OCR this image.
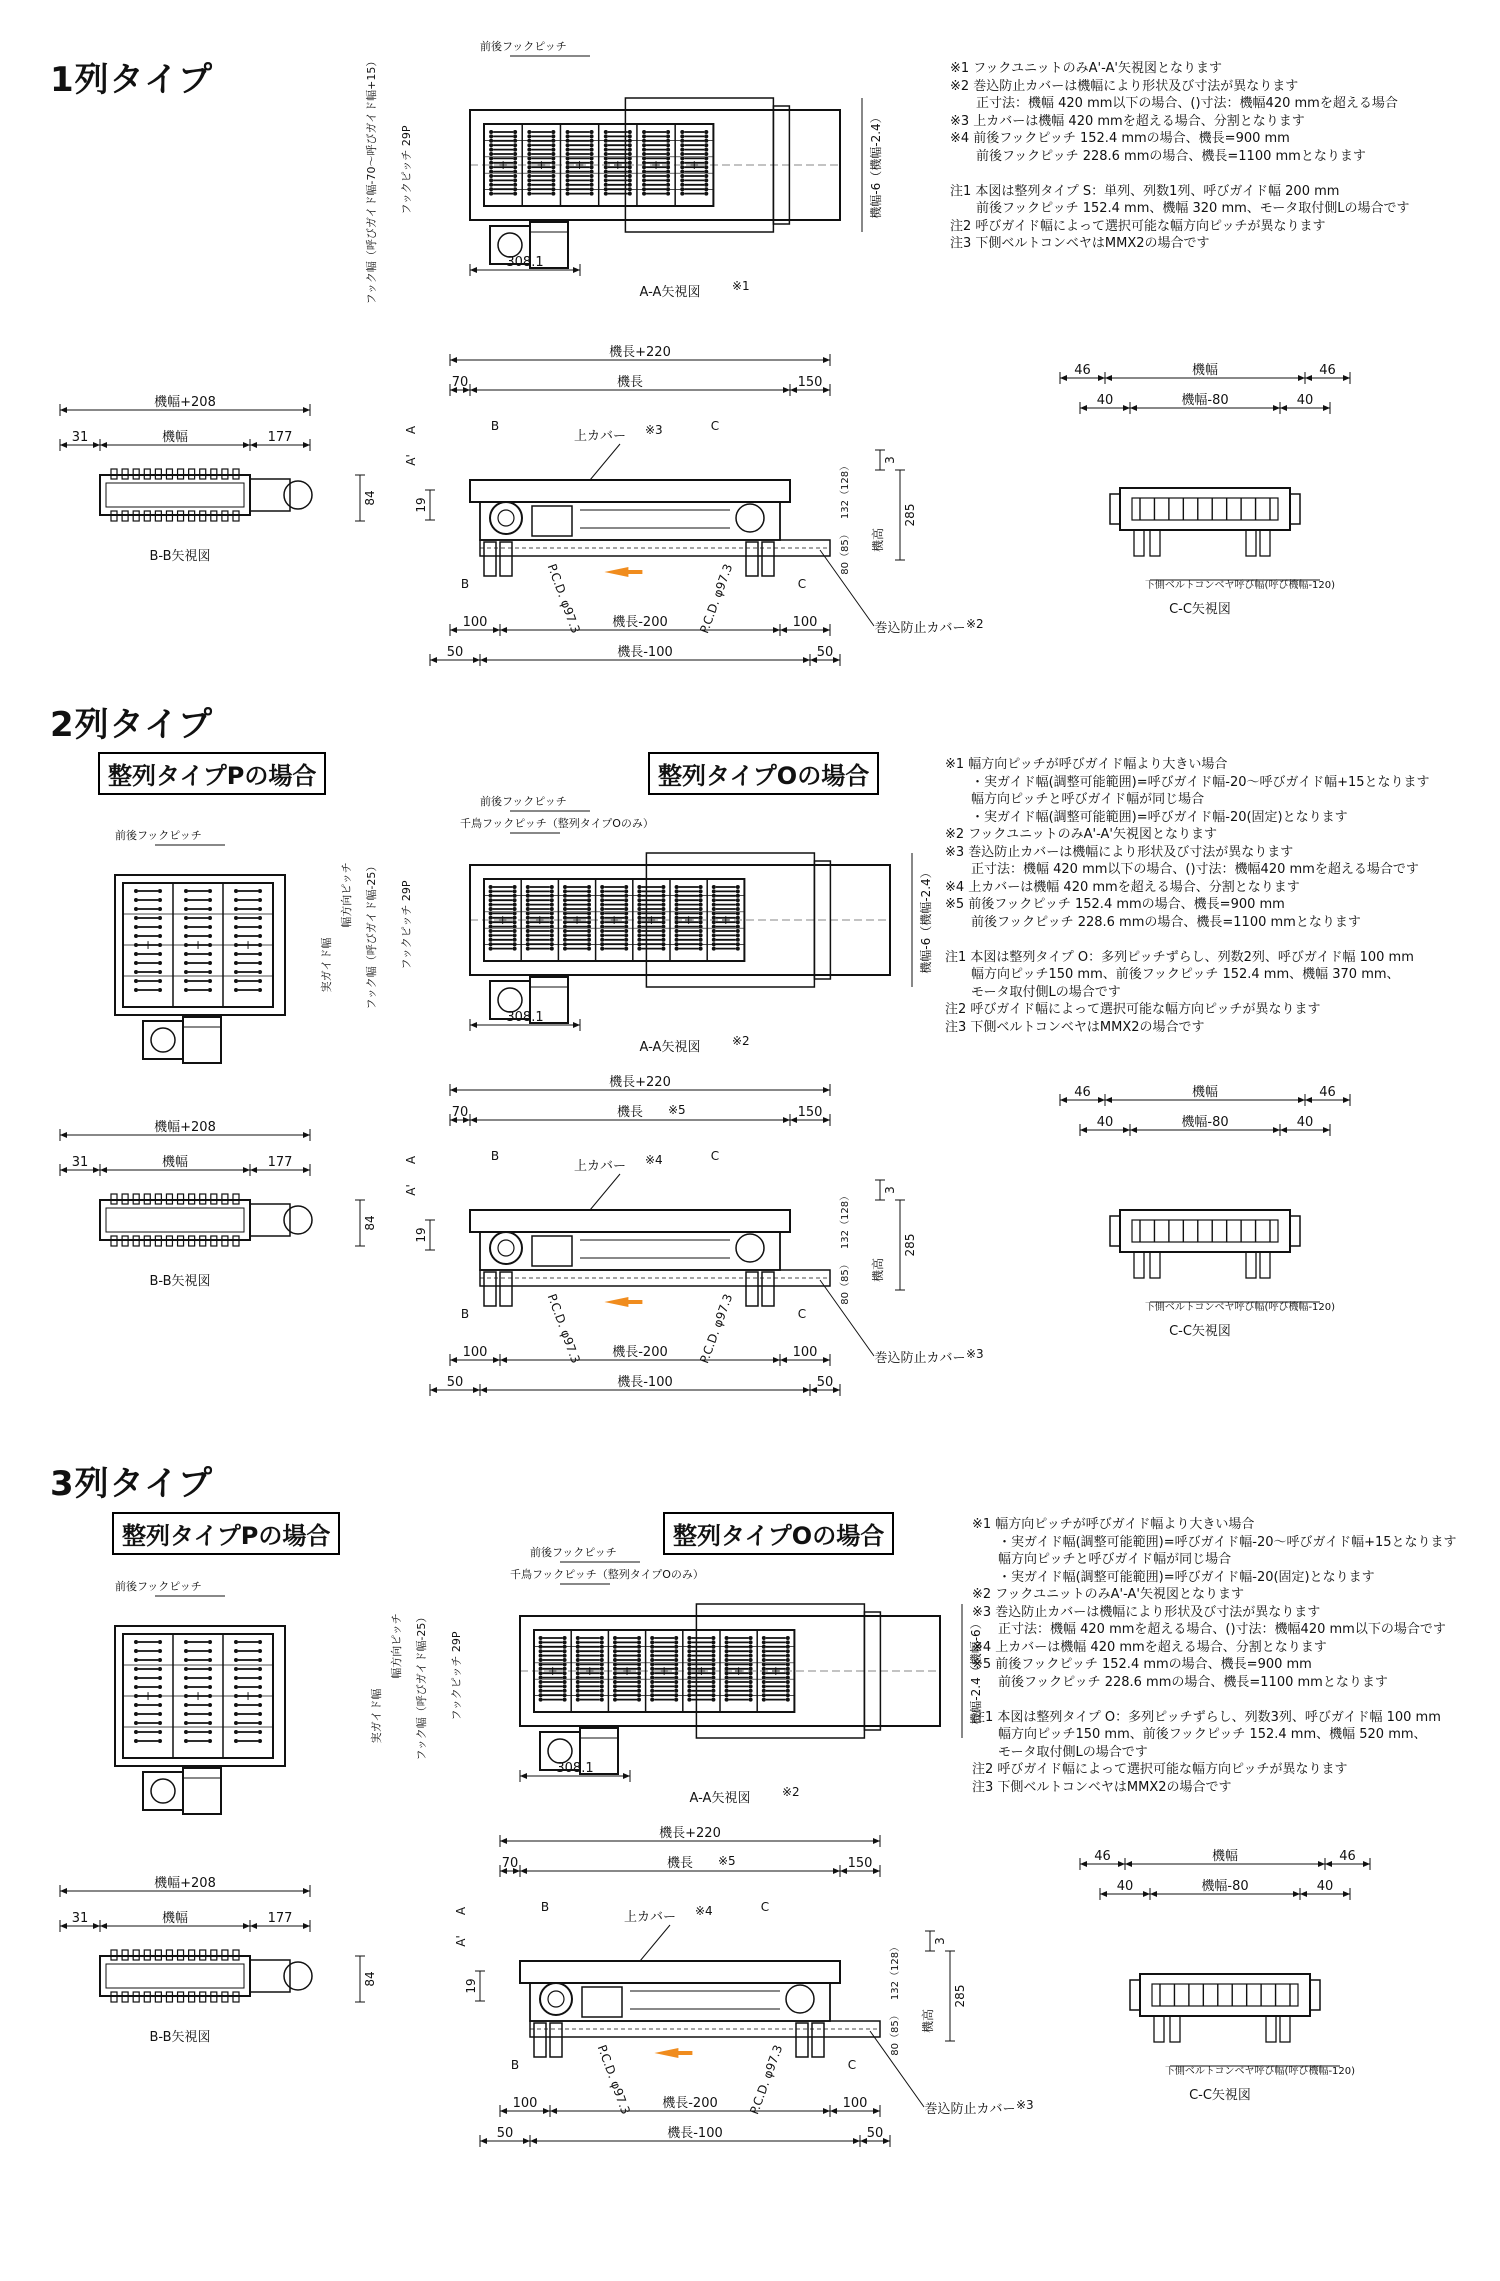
1列タイプ	※1 フックユニットのみA'-A'矢視図となります
※2 巻込防止カバーは機幅により形状及び寸法が異なります
　　正寸法：機幅 420 mm以下の場合、()寸法：機幅420 mmを超える場合
※3 上カバーは機幅 420 mmを超える場合、分割となります
※4 前後フックピッチ 152.4 mmの場合、機長=900 mm
　　前後フックピッチ 228.6 mmの場合、機長=1100 mmとなります

注1 本図は整列タイプ S：単列、列数1列、呼びガイド幅 200 mm
　　前後フックピッチ 152.4 mm、機幅 320 mm、モータ取付側Lの場合です
注2 呼びガイド幅によって選択可能な幅方向ピッチが異なります
注3 下側ベルトコンベヤはMMX2の場合です
2列タイプ
整列タイプPの場合	整列タイプOの場合	※1 幅方向ピッチが呼びガイド幅より大きい場合
　　・実ガイド幅(調整可能範囲)=呼びガイド幅-20～呼びガイド幅+15となります
　　幅方向ピッチと呼びガイド幅が同じ場合
　　・実ガイド幅(調整可能範囲)=呼びガイド幅-20(固定)となります
※2 フックユニットのみA'-A'矢視図となります
※3 巻込防止カバーは機幅により形状及び寸法が異なります
　　正寸法：機幅 420 mm以下の場合、()寸法：機幅420 mmを超える場合です
※4 上カバーは機幅 420 mmを超える場合、分割となります
※5 前後フックピッチ 152.4 mmの場合、機長=900 mm
　　前後フックピッチ 228.6 mmの場合、機長=1100 mmとなります

注1 本図は整列タイプ O：多列ピッチずらし、列数2列、呼びガイド幅 100 mm
　　幅方向ピッチ150 mm、前後フックピッチ 152.4 mm、機幅 370 mm、
　　モータ取付側Lの場合です
注2 呼びガイド幅によって選択可能な幅方向ピッチが異なります
注3 下側ベルトコンベヤはMMX2の場合です
3列タイプ
整列タイプPの場合	整列タイプOの場合	※1 幅方向ピッチが呼びガイド幅より大きい場合
　　・実ガイド幅(調整可能範囲)=呼びガイド幅-20～呼びガイド幅+15となります
　　幅方向ピッチと呼びガイド幅が同じ場合
　　・実ガイド幅(調整可能範囲)=呼びガイド幅-20(固定)となります
※2 フックユニットのみA'-A'矢視図となります
※3 巻込防止カバーは機幅により形状及び寸法が異なります
　　正寸法：機幅 420 mmを超える場合、()寸法：機幅420 mm以下の場合です
※4 上カバーは機幅 420 mmを超える場合、分割となります
※5 前後フックピッチ 152.4 mmの場合、機長=900 mm
　　前後フックピッチ 228.6 mmの場合、機長=1100 mmとなります

注1 本図は整列タイプ O：多列ピッチずらし、列数3列、呼びガイド幅 100 mm
　　幅方向ピッチ150 mm、前後フックピッチ 152.4 mm、機幅 520 mm、
　　モータ取付側Lの場合です
注2 呼びガイド幅によって選択可能な幅方向ピッチが異なります
注3 下側ベルトコンベヤはMMX2の場合です
+ + + + + +
A-A矢視図	※1
前後フックピッチ
308.1
機幅-6（機幅-2.4）
フックピッチ 29P
フック幅（呼びガイド幅-70～呼びガイド幅+15）
機長+220
70	機長	150
100	機長-200	100
50	機長-100	50
19
3
285
機高
132（128）
80（85）
P.C.D. φ97.3	P.C.D. φ97.3
上カバー ※3
巻込防止カバー ※2
A
A'
B	C
B	C
機幅+208
31	機幅	177
84
B-B矢視図
機幅
46	46
40	機幅-80	40
C-C矢視図
下側ベルトコンベヤ呼び幅(呼び機幅-120)
+ + + + + + +
A-A矢視図	※2
前後フックピッチ
千鳥フックピッチ（整列タイプOのみ）
308.1
機幅-6（機幅-2.4）
フックピッチ 29P
フック幅（呼びガイド幅-25）
幅方向ピッチ
実ガイド幅
+	+	+
前後フックピッチ
機長+220
70	機長 ※5	150
100	機長-200	100
50	機長-100	50
19
3
285
機高
132（128）
80（85）
P.C.D. φ97.3	P.C.D. φ97.3
上カバー ※4
巻込防止カバー ※3
A
A'
B	C
B	C
機幅+208
31	機幅	177
84
B-B矢視図
機幅
46	46
40	機幅-80	40
C-C矢視図
下側ベルトコンベヤ呼び幅(呼び機幅-120)
+ + + + + + +
A-A矢視図	※2
前後フックピッチ
千鳥フックピッチ（整列タイプOのみ）
308.1
機幅-2.4（機幅-6）
フックピッチ 29P
フック幅（呼びガイド幅-25）
幅方向ピッチ
実ガイド幅
+	+	+
前後フックピッチ
機長+220
70	機長 ※5	150
100	機長-200	100
50	機長-100	50
19
3
285
機高
132（128）
80（85）
P.C.D. φ97.3	P.C.D. φ97.3
上カバー ※4
巻込防止カバー ※3
A
A'
B	C
B	C
機幅+208
31	機幅	177
84
B-B矢視図
機幅
46	46
40	機幅-80	40
C-C矢視図
下側ベルトコンベヤ呼び幅(呼び機幅-120)
